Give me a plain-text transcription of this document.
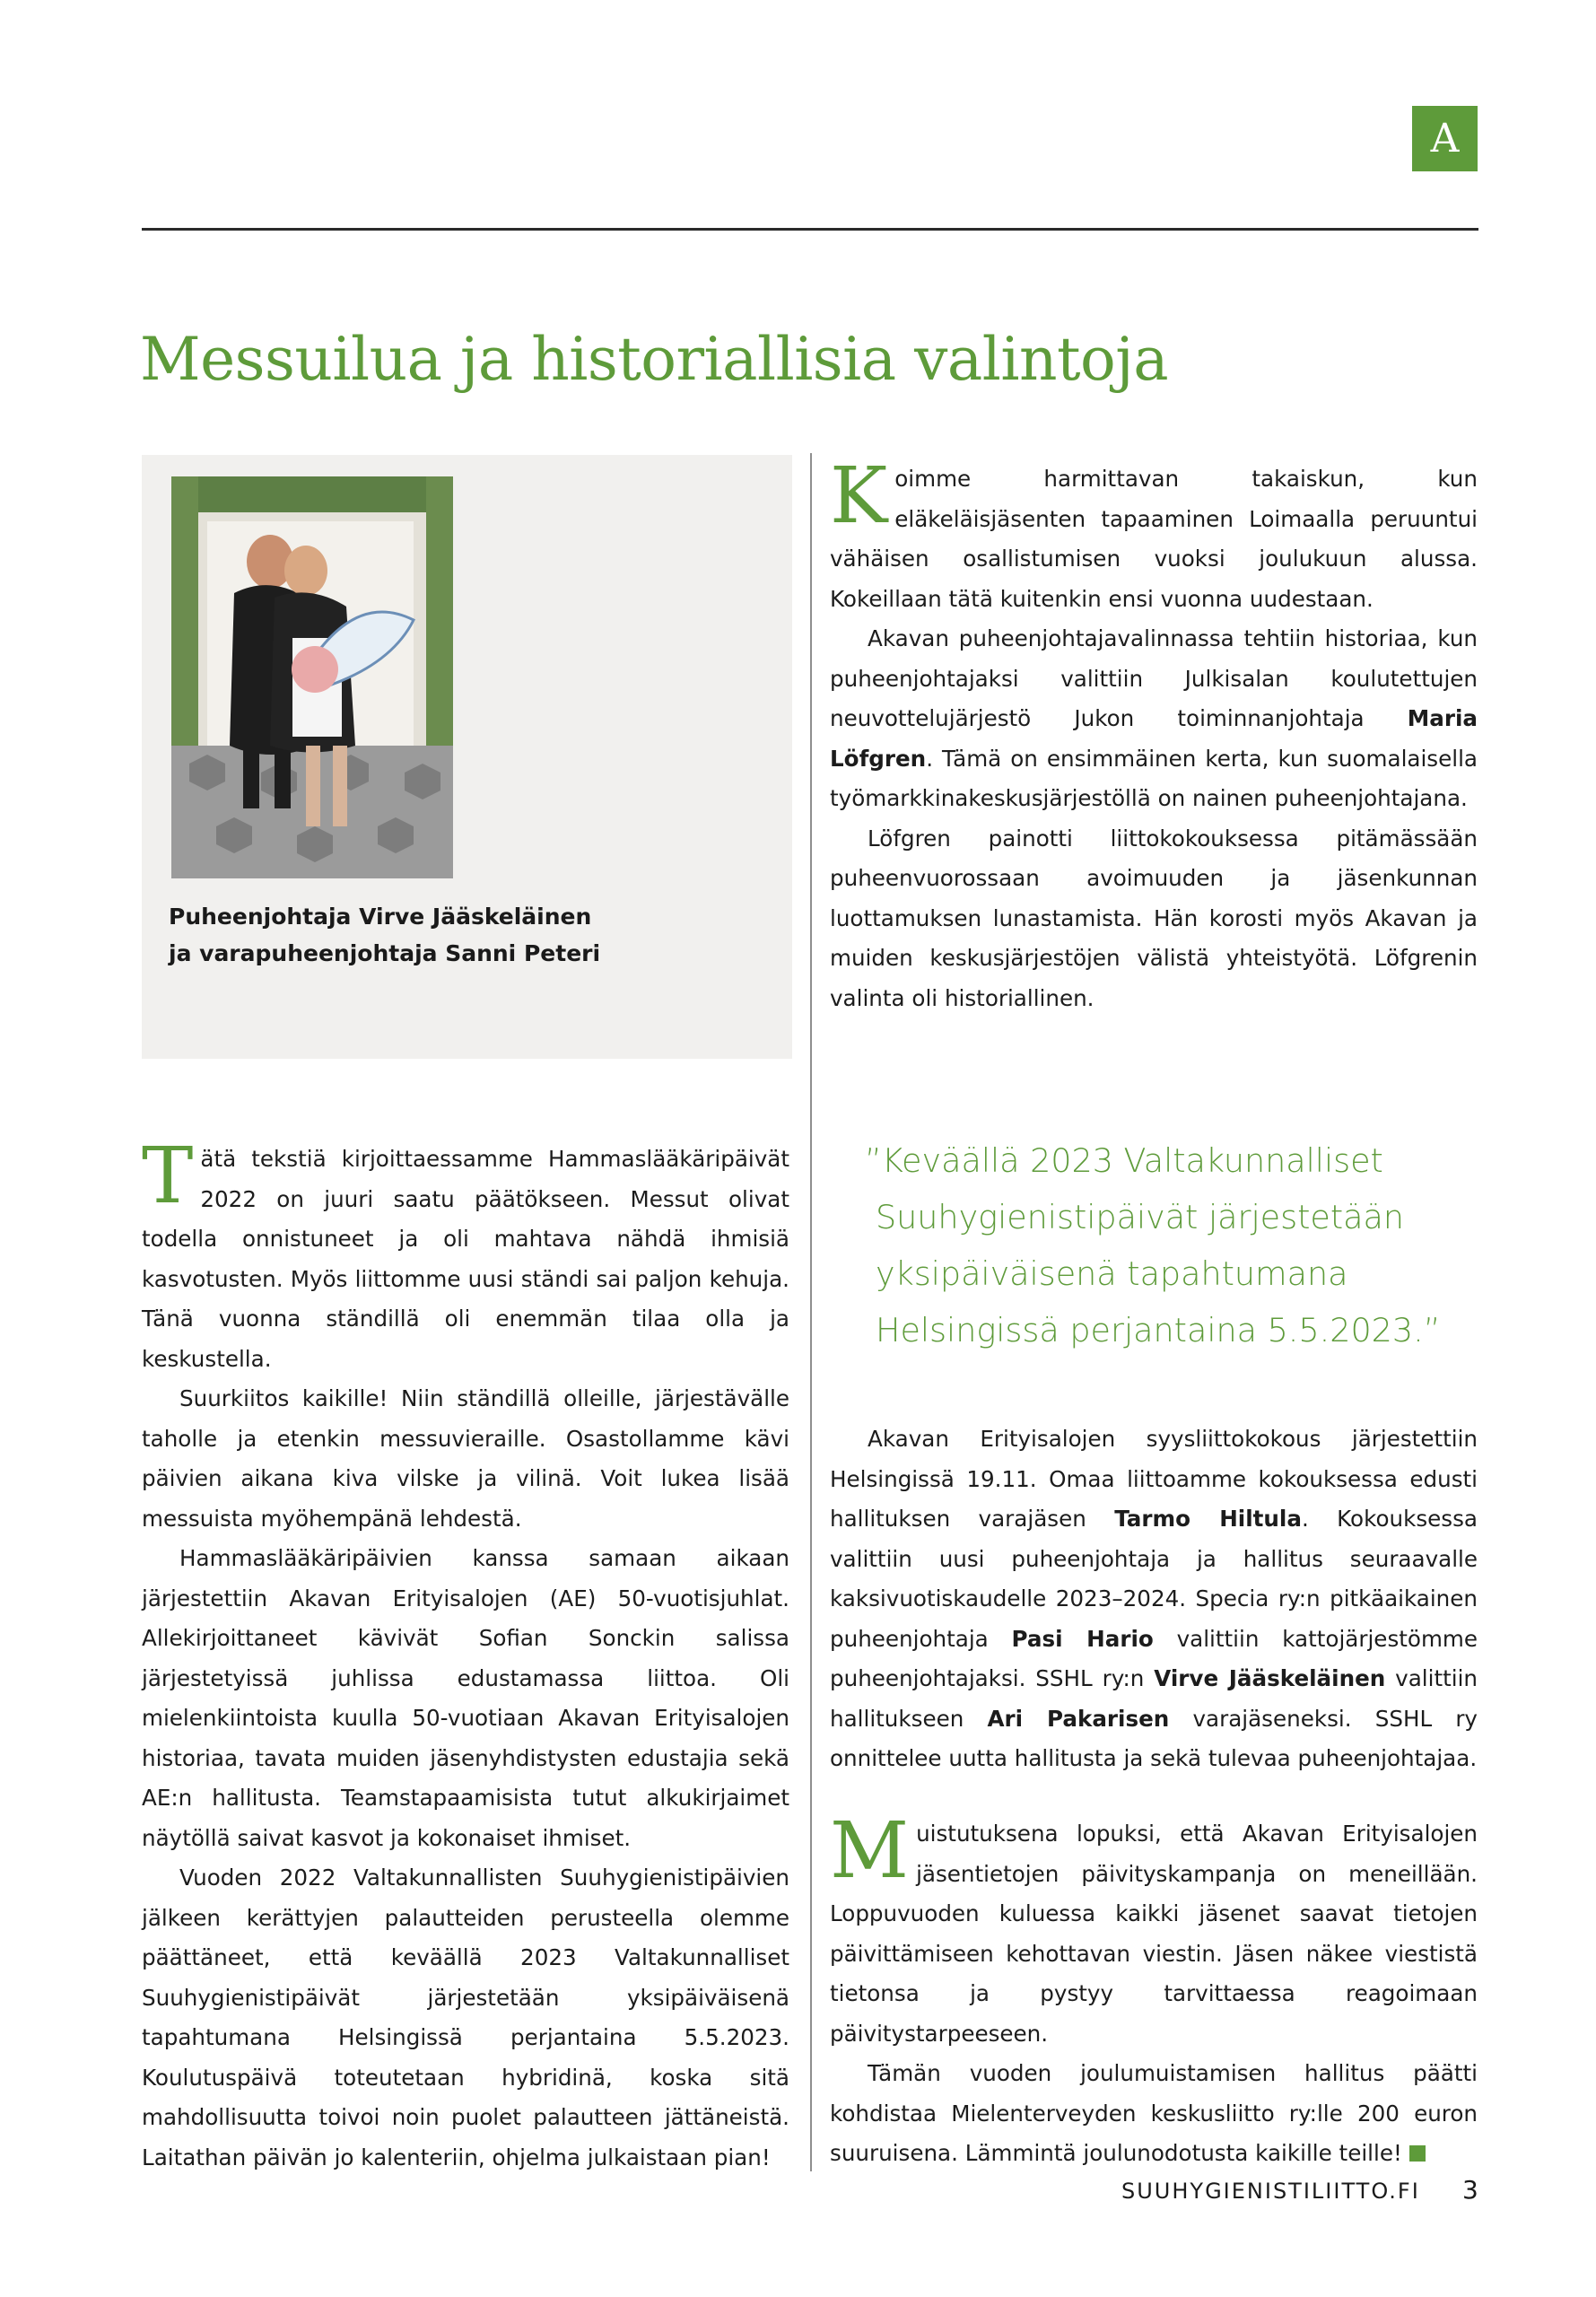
A
Messuilua ja historiallisia valintoja

Puheenjohtaja Virve Jääskeläinen
ja varapuheenjohtaja Sanni Peteri

Koimme harmittavan takaiskun, kun eläkeläisjäsenten tapaaminen Loimaalla peruuntui vähäisen osallistumisen vuoksi joulukuun alussa. Kokeillaan tätä kuitenkin ensi vuonna uudestaan.

Akavan puheenjohtajavalinnassa tehtiin historiaa, kun puheenjohtajaksi valittiin Julkisalan koulutettujen neuvottelujärjestö Jukon toiminnanjohtaja Maria Löfgren. Tämä on ensimmäinen kerta, kun suomalaisella työmarkkinakeskusjärjestöllä on nainen puheenjohtajana.

Löfgren painotti liittokokouksessa pitämässään puheenvuorossaan avoimuuden ja jäsenkunnan luottamuksen lunastamista. Hän korosti myös Akavan ja muiden keskusjärjestöjen välistä yhteistyötä. Löfgrenin valinta oli historiallinen.

Tätä tekstiä kirjoittaessamme Hammaslääkäripäivät 2022 on juuri saatu päätökseen. Messut olivat todella onnistuneet ja oli mahtava nähdä ihmisiä kasvotusten. Myös liittomme uusi ständi sai paljon kehuja. Tänä vuonna ständillä oli enemmän tilaa olla ja keskustella.

Suurkiitos kaikille! Niin ständillä olleille, järjestävälle taholle ja etenkin messuvieraille. Osastollamme kävi päivien aikana kiva vilske ja vilinä. Voit lukea lisää messuista myöhempänä lehdestä.

Hammaslääkäripäivien kanssa samaan aikaan järjestettiin Akavan Erityisalojen (AE) 50-vuotisjuhlat. Allekirjoittaneet kävivät Sofian Sonckin salissa järjestetyissä juhlissa edustamassa liittoa. Oli mielenkiintoista kuulla 50-vuotiaan Akavan Erityisalojen historiaa, tavata muiden jäsenyhdistysten edustajia sekä AE:n hallitusta. Teamstapaamisista tutut alkukirjaimet näytöllä saivat kasvot ja kokonaiset ihmiset.

Vuoden 2022 Valtakunnallisten Suuhygienistipäivien jälkeen kerättyjen palautteiden perusteella olemme päättäneet, että keväällä 2023 Valtakunnalliset Suuhygienistipäivät järjestetään yksipäiväisenä tapahtumana Helsingissä perjantaina 5.5.2023. Koulutuspäivä toteutetaan hybridinä, koska sitä mahdollisuutta toivoi noin puolet palautteen jättäneistä. Laitathan päivän jo kalenteriin, ohjelma julkaistaan pian!

”Keväällä 2023 Valtakunnalliset
Suuhygienistipäivät järjestetään
yksipäiväisenä tapahtumana
Helsingissä perjantaina 5.5.2023.”

Akavan Erityisalojen syysliittokokous järjestettiin Helsingissä 19.11. Omaa liittoamme kokouksessa edusti hallituksen varajäsen Tarmo Hiltula. Kokouksessa valittiin uusi puheenjohtaja ja hallitus seuraavalle kaksivuotiskaudelle 2023–2024. Specia ry:n pitkäaikainen puheenjohtaja Pasi Hario valittiin kattojärjestömme puheenjohtajaksi. SSHL ry:n Virve Jääskeläinen valittiin hallitukseen Ari Pakarisen varajäseneksi. SSHL ry onnittelee uutta hallitusta ja sekä tulevaa puheenjohtajaa.

Muistutuksena lopuksi, että Akavan Erityisalojen jäsentietojen päivityskampanja on meneillään. Loppuvuoden kuluessa kaikki jäsenet saavat tietojen päivittämiseen kehottavan viestin. Jäsen näkee viestistä tietonsa ja pystyy tarvittaessa reagoimaan päivitystarpeeseen.

Tämän vuoden joulumuistamisen hallitus päätti kohdistaa Mielenterveyden keskusliitto ry:lle 200 euron suuruisena. Lämmintä joulunodotusta kaikille teille!

SUUHYGIENISTILIITTO.FI 3
